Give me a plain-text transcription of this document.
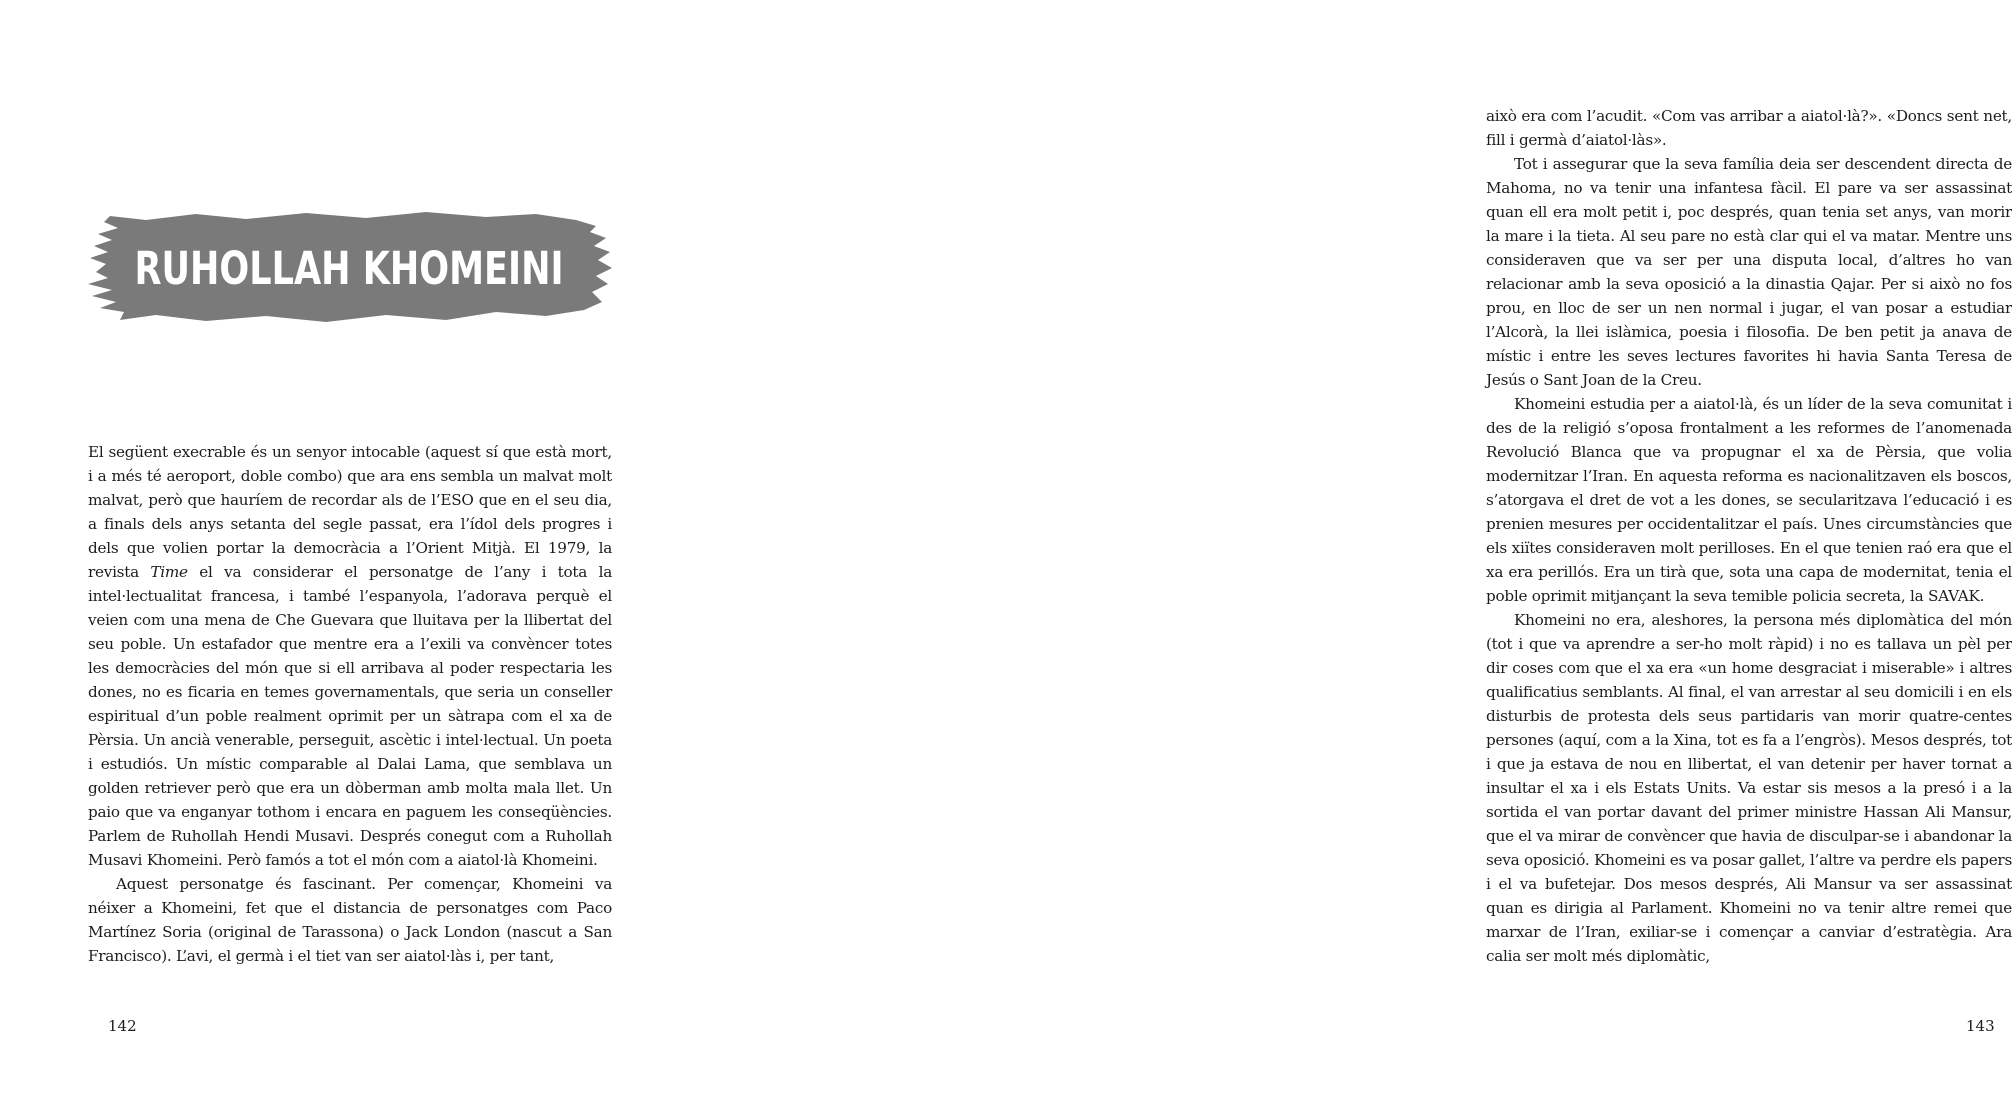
RUHOLLAH KHOMEINI

El següent execrable és un senyor intocable (aquest sí que està mort, i a més té aeroport, doble combo) que ara ens sembla un malvat molt malvat, però que hauríem de recordar als de l’ESO que en el seu dia, a finals dels anys setanta del segle passat, era l’ídol dels progres i dels que volien portar la democràcia a l’Orient Mitjà. El 1979, la revista Time el va considerar el personatge de l’any i tota la intel·lectualitat francesa, i també l’espanyola, l’adorava perquè el veien com una mena de Che Guevara que lluitava per la llibertat del seu poble. Un estafador que mentre era a l’exili va convèncer totes les democràcies del món que si ell arribava al poder respectaria les dones, no es ficaria en temes governamentals, que seria un conseller espiritual d’un poble realment oprimit per un sàtrapa com el xa de Pèrsia. Un ancià venerable, perseguit, ascètic i intel·lectual. Un poeta i estudiós. Un místic comparable al Dalai Lama, que semblava un golden retriever però que era un dòberman amb molta mala llet. Un paio que va enganyar tothom i encara en paguem les conseqüències. Parlem de Ruhollah Hendi Musavi. Després conegut com a Ruhollah Musavi Khomeini. Però famós a tot el món com a aiatol·là Khomeini.

Aquest personatge és fascinant. Per començar, Khomeini va néixer a Khomeini, fet que el distancia de personatges com Paco Martínez Soria (original de Tarassona) o Jack London (nascut a San Francisco). L’avi, el germà i el tiet van ser aiatol·làs i, per tant,

142

això era com l’acudit. «Com vas arribar a aiatol·là?». «Doncs sent net, fill i germà d’aiatol·làs».

Tot i assegurar que la seva família deia ser descendent directa de Mahoma, no va tenir una infantesa fàcil. El pare va ser assassinat quan ell era molt petit i, poc després, quan tenia set anys, van morir la mare i la tieta. Al seu pare no està clar qui el va matar. Mentre uns consideraven que va ser per una disputa local, d’altres ho van relacionar amb la seva oposició a la dinastia Qajar. Per si això no fos prou, en lloc de ser un nen normal i jugar, el van posar a estudiar l’Alcorà, la llei islàmica, poesia i filosofia. De ben petit ja anava de místic i entre les seves lectures favorites hi havia Santa Teresa de Jesús o Sant Joan de la Creu.

Khomeini estudia per a aiatol·là, és un líder de la seva comunitat i des de la religió s’oposa frontalment a les reformes de l’anomenada Revolució Blanca que va propugnar el xa de Pèrsia, que volia modernitzar l’Iran. En aquesta reforma es nacionalitzaven els boscos, s’atorgava el dret de vot a les dones, se secularitzava l’educació i es prenien mesures per occidentalitzar el país. Unes circumstàncies que els xiïtes consideraven molt perilloses. En el que tenien raó era que el xa era perillós. Era un tirà que, sota una capa de modernitat, tenia el poble oprimit mitjançant la seva temible policia secreta, la SAVAK.

Khomeini no era, aleshores, la persona més diplomàtica del món (tot i que va aprendre a ser-ho molt ràpid) i no es tallava un pèl per dir coses com que el xa era «un home desgraciat i miserable» i altres qualificatius semblants. Al final, el van arrestar al seu domicili i en els disturbis de protesta dels seus partidaris van morir quatre-centes persones (aquí, com a la Xina, tot es fa a l’engròs). Mesos després, tot i que ja estava de nou en llibertat, el van detenir per haver tornat a insultar el xa i els Estats Units. Va estar sis mesos a la presó i a la sortida el van portar davant del primer ministre Hassan Ali Mansur, que el va mirar de convèncer que havia de disculpar-se i abandonar la seva oposició. Khomeini es va posar gallet, l’altre va perdre els papers i el va bufetejar. Dos mesos després, Ali Mansur va ser assassinat quan es dirigia al Parlament. Khomeini no va tenir altre remei que marxar de l’Iran, exiliar-se i començar a canviar d’estratègia. Ara calia ser molt més diplomàtic,

143
